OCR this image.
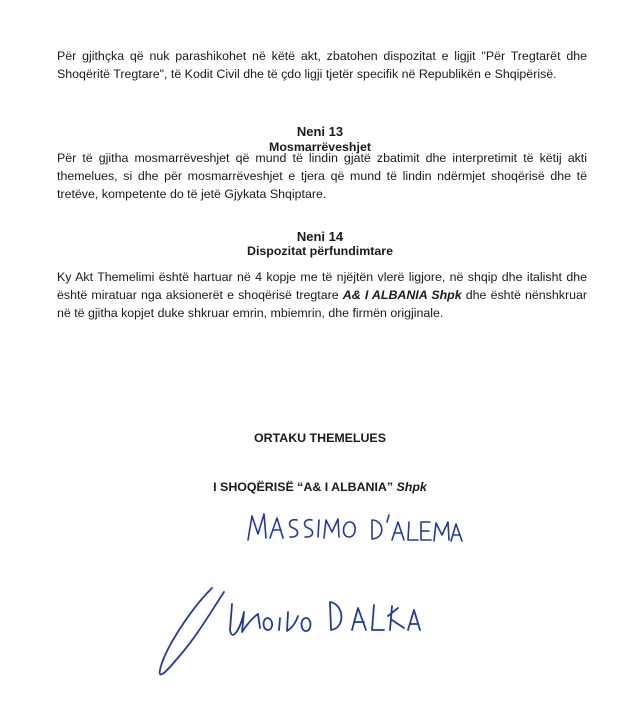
Për gjithçka që nuk parashikohet në këtë akt, zbatohen dispozitat e ligjit "Për Tregtarët dhe Shoqëritë Tregtare", të Kodit Civil dhe të çdo ligji tjetër specifik në Republikën e Shqipërisë.
Neni 13
Mosmarrëveshjet
Për të gjitha mosmarrëveshjet që mund të lindin gjatë zbatimit dhe interpretimit të këtij akti themelues, si dhe për mosmarrëveshjet e tjera që mund të lindin ndërmjet shoqërisë dhe të tretëve, kompetente do të jetë Gjykata Shqiptare.
Neni 14
Dispozitat përfundimtare
Ky Akt Themelimi është hartuar në 4 kopje me të njëjtën vlerë ligjore, në shqip dhe italisht dhe është miratuar nga aksionerët e shoqërisë tregtare A& I ALBANIA Shpk dhe është nënshkruar në të gjitha kopjet duke shkruar emrin, mbiemrin, dhe firmën origjinale.
ORTAKU THEMELUES
I SHOQËRISË “A& I ALBANIA” Shpk
